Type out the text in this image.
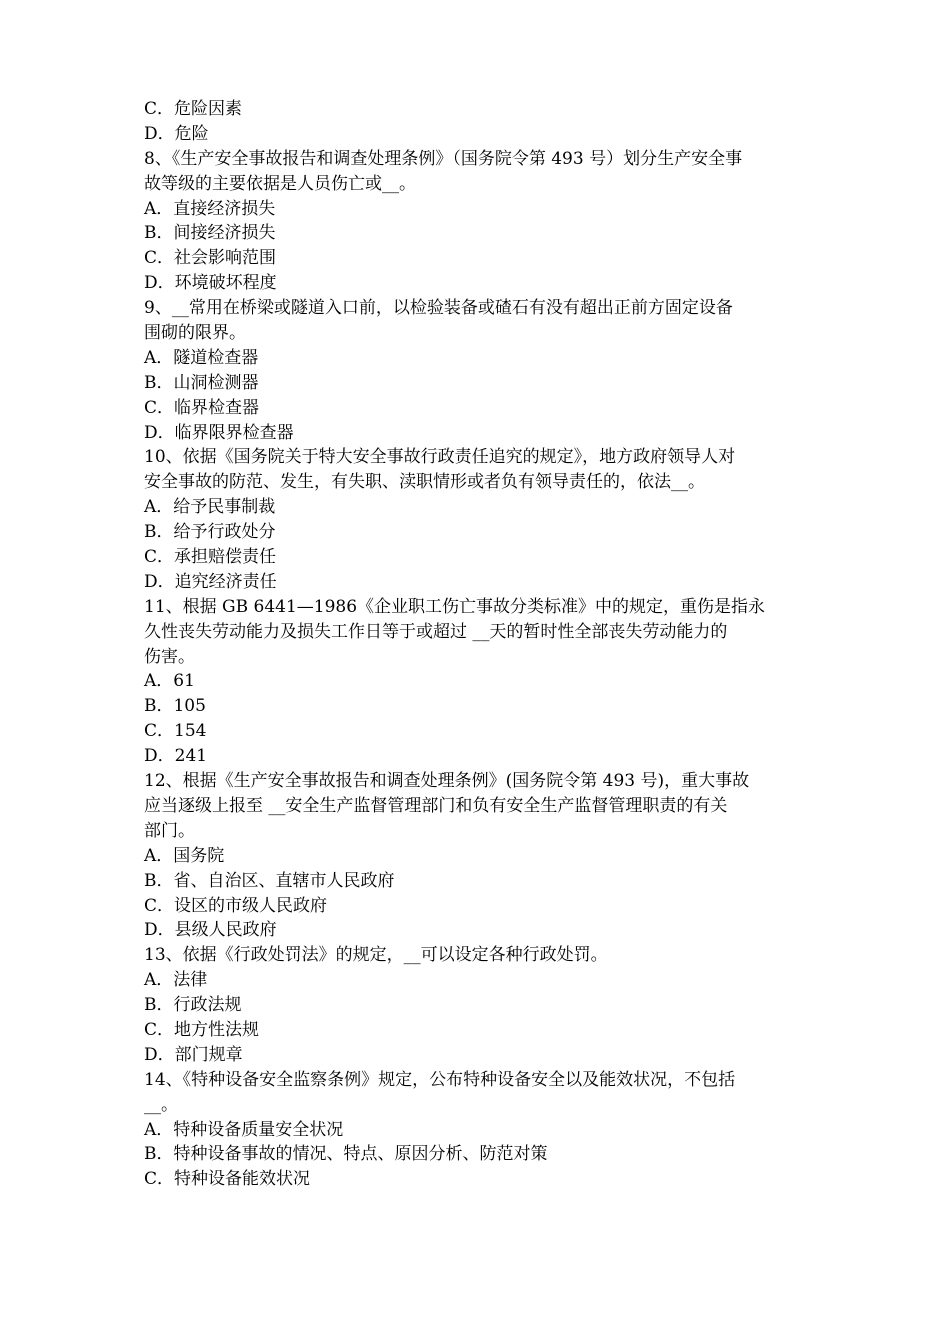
C．危险因素
D．危险
8、《生产安全事故报告和调查处理条例》（国务院令第 493 号）划分生产安全事
故等级的主要依据是人员伤亡或__。
A．直接经济损失
B．间接经济损失
C．社会影响范围
D．环境破坏程度
9、__常用在桥梁或隧道入口前，以检验装备或碴石有没有超出正前方固定设备
围砌的限界。
A．隧道检查器
B．山洞检测器
C．临界检查器
D．临界限界检查器
10、依据《国务院关于特大安全事故行政责任追究的规定》，地方政府领导人对
安全事故的防范、发生，有失职、渎职情形或者负有领导责任的，依法__。
A．给予民事制裁
B．给予行政处分
C．承担赔偿责任
D．追究经济责任
11、根据 GB 6441—1986《企业职工伤亡事故分类标准》中的规定，重伤是指永
久性丧失劳动能力及损失工作日等于或超过 __天的暂时性全部丧失劳动能力的
伤害。
A．61
B．105
C．154
D．241
12、根据《生产安全事故报告和调查处理条例》(国务院令第 493 号)，重大事故
应当逐级上报至 __安全生产监督管理部门和负有安全生产监督管理职责的有关
部门。
A．国务院
B．省、自治区、直辖市人民政府
C．设区的市级人民政府
D．县级人民政府
13、依据《行政处罚法》的规定，__可以设定各种行政处罚。
A．法律
B．行政法规
C．地方性法规
D．部门规章
14、《特种设备安全监察条例》规定，公布特种设备安全以及能效状况，不包括
__。
A．特种设备质量安全状况
B．特种设备事故的情况、特点、原因分析、防范对策
C．特种设备能效状况
